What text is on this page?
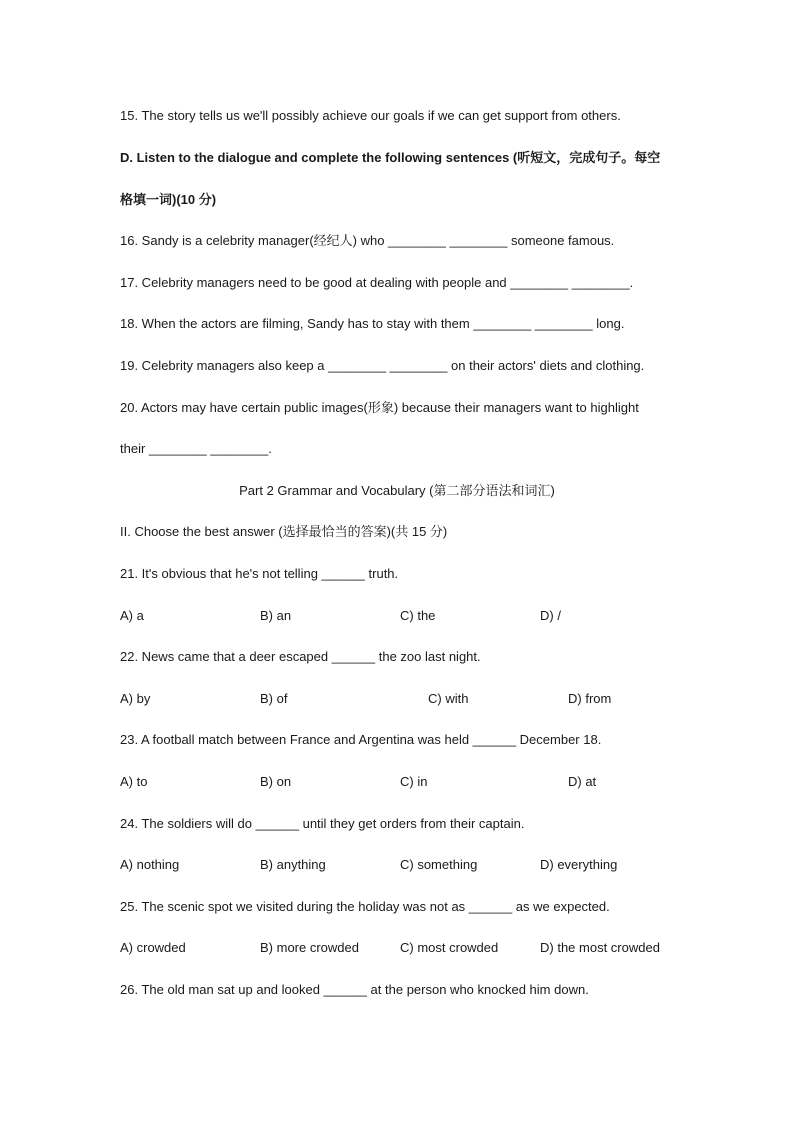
15. The story tells us we'll possibly achieve our goals if we can get support from others.
D. Listen to the dialogue and complete the following sentences (听短文，完成句子。每空
格填一词)(10 分)
16. Sandy is a celebrity manager(经纪人) who ________ ________ someone famous.
17. Celebrity managers need to be good at dealing with people and ________ ________.
18. When the actors are filming, Sandy has to stay with them ________ ________ long.
19. Celebrity managers also keep a ________ ________ on their actors' diets and clothing.
20. Actors may have certain public images(形象) because their managers want to highlight
their ________ ________.
Part 2 Grammar and Vocabulary (第二部分语法和词汇)
II. Choose the best answer (选择最恰当的答案)(共 15 分)
21. It's obvious that he's not telling ______ truth.
A) a	B) an	C) the	D) /
22. News came that a deer escaped ______ the zoo last night.
A) by	B) of	C) with	D) from
23. A football match between France and Argentina was held ______ December 18.
A) to	B) on	C) in	D) at
24. The soldiers will do ______ until they get orders from their captain.
A) nothing	B) anything	C) something	D) everything
25. The scenic spot we visited during the holiday was not as ______ as we expected.
A) crowded	B) more crowded	C) most crowded	D) the most crowded
26. The old man sat up and looked ______ at the person who knocked him down.
